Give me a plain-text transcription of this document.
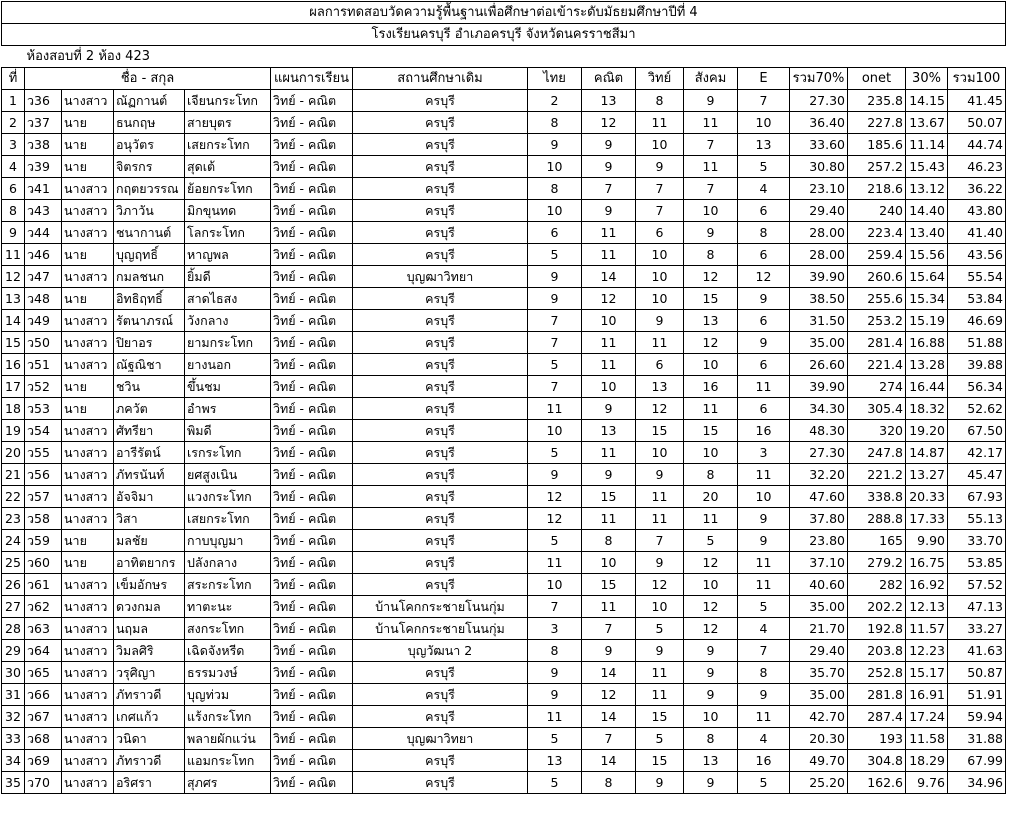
ผลการทดสอบวัดความรู้พื้นฐานเพื่อศึกษาต่อเข้าระดับมัธยมศึกษาปีที่ 4															
โรงเรียนครบุรี อำเภอครบุรี จังหวัดนครราชสีมา															
	ห้องสอบที่ 2 ห้อง 423														
ที่	ชื่อ - สกุล				แผนการเรียน	สถานศึกษาเดิม	ไทย	คณิต	วิทย์	สังคม	E	รวม70%	onet	30%	รวม100
1	ว36	นางสาว	ณัฏกานต์	เจียนกระโทก	วิทย์ - คณิต	ครบุรี	2	13	8	9	7	27.30	235.8	14.15	41.45
2	ว37	นาย	ธนกฤษ	สายบุตร	วิทย์ - คณิต	ครบุรี	8	12	11	11	10	36.40	227.8	13.67	50.07
3	ว38	นาย	อนุวัตร	เสยกระโทก	วิทย์ - คณิต	ครบุรี	9	9	10	7	13	33.60	185.6	11.14	44.74
4	ว39	นาย	จิตรกร	สุดเต้	วิทย์ - คณิต	ครบุรี	10	9	9	11	5	30.80	257.2	15.43	46.23
6	ว41	นางสาว	กฤตยวรรณ	ย้อยกระโทก	วิทย์ - คณิต	ครบุรี	8	7	7	7	4	23.10	218.6	13.12	36.22
8	ว43	นางสาว	วิภาวัน	มิกขุนทด	วิทย์ - คณิต	ครบุรี	10	9	7	10	6	29.40	240	14.40	43.80
9	ว44	นางสาว	ชนากานต์	โลกระโทก	วิทย์ - คณิต	ครบุรี	6	11	6	9	8	28.00	223.4	13.40	41.40
11	ว46	นาย	บุญฤทธิ์	หาญพล	วิทย์ - คณิต	ครบุรี	5	11	10	8	6	28.00	259.4	15.56	43.56
12	ว47	นางสาว	กมลชนก	ยิ้มดี	วิทย์ - คณิต	บุญฒาวิทยา	9	14	10	12	12	39.90	260.6	15.64	55.54
13	ว48	นาย	อิทธิฤทธิ์	สาดไธสง	วิทย์ - คณิต	ครบุรี	9	12	10	15	9	38.50	255.6	15.34	53.84
14	ว49	นางสาว	รัตนาภรณ์	วังกลาง	วิทย์ - คณิต	ครบุรี	7	10	9	13	6	31.50	253.2	15.19	46.69
15	ว50	นางสาว	ปิยาอร	ยามกระโทก	วิทย์ - คณิต	ครบุรี	7	11	11	12	9	35.00	281.4	16.88	51.88
16	ว51	นางสาว	ณัฐณิชา	ยางนอก	วิทย์ - คณิต	ครบุรี	5	11	6	10	6	26.60	221.4	13.28	39.88
17	ว52	นาย	ชวิน	ขึ้นชม	วิทย์ - คณิต	ครบุรี	7	10	13	16	11	39.90	274	16.44	56.34
18	ว53	นาย	ภควัต	อำพร	วิทย์ - คณิต	ครบุรี	11	9	12	11	6	34.30	305.4	18.32	52.62
19	ว54	นางสาว	ศัทรียา	พิมดี	วิทย์ - คณิต	ครบุรี	10	13	15	15	16	48.30	320	19.20	67.50
20	ว55	นางสาว	อารีรัตน์	เรกระโทก	วิทย์ - คณิต	ครบุรี	5	11	10	10	3	27.30	247.8	14.87	42.17
21	ว56	นางสาว	ภัทรนันท์	ยศสูงเนิน	วิทย์ - คณิต	ครบุรี	9	9	9	8	11	32.20	221.2	13.27	45.47
22	ว57	นางสาว	อัจจิมา	แวงกระโทก	วิทย์ - คณิต	ครบุรี	12	15	11	20	10	47.60	338.8	20.33	67.93
23	ว58	นางสาว	วิสา	เสยกระโทก	วิทย์ - คณิต	ครบุรี	12	11	11	11	9	37.80	288.8	17.33	55.13
24	ว59	นาย	มลชัย	กาบบุญมา	วิทย์ - คณิต	ครบุรี	5	8	7	5	9	23.80	165	9.90	33.70
25	ว60	นาย	อาทิตยากร	ปลังกลาง	วิทย์ - คณิต	ครบุรี	11	10	9	12	11	37.10	279.2	16.75	53.85
26	ว61	นางสาว	เข็มอักษร	สระกระโทก	วิทย์ - คณิต	ครบุรี	10	15	12	10	11	40.60	282	16.92	57.52
27	ว62	นางสาว	ดวงกมล	ทาตะนะ	วิทย์ - คณิต	บ้านโคกกระชายโนนกุ่ม	7	11	10	12	5	35.00	202.2	12.13	47.13
28	ว63	นางสาว	นฤมล	สงกระโทก	วิทย์ - คณิต	บ้านโคกกระชายโนนกุ่ม	3	7	5	12	4	21.70	192.8	11.57	33.27
29	ว64	นางสาว	วิมลศิริ	เฉิดจังหรีด	วิทย์ - คณิต	บุญวัฒนา 2	8	9	9	9	7	29.40	203.8	12.23	41.63
30	ว65	นางสาว	วรุศิญา	ธรรมวงษ์	วิทย์ - คณิต	ครบุรี	9	14	11	9	8	35.70	252.8	15.17	50.87
31	ว66	นางสาว	ภัทราวดี	บุญท่วม	วิทย์ - คณิต	ครบุรี	9	12	11	9	9	35.00	281.8	16.91	51.91
32	ว67	นางสาว	เกศแก้ว	แร้งกระโทก	วิทย์ - คณิต	ครบุรี	11	14	15	10	11	42.70	287.4	17.24	59.94
33	ว68	นางสาว	วนิดา	พลายผักแว่น	วิทย์ - คณิต	บุญฒาวิทยา	5	7	5	8	4	20.30	193	11.58	31.88
34	ว69	นางสาว	ภัทราวดี	แอมกระโทก	วิทย์ - คณิต	ครบุรี	13	14	15	13	16	49.70	304.8	18.29	67.99
35	ว70	นางสาว	อริศรา	สุภศร	วิทย์ - คณิต	ครบุรี	5	8	9	9	5	25.20	162.6	9.76	34.96
